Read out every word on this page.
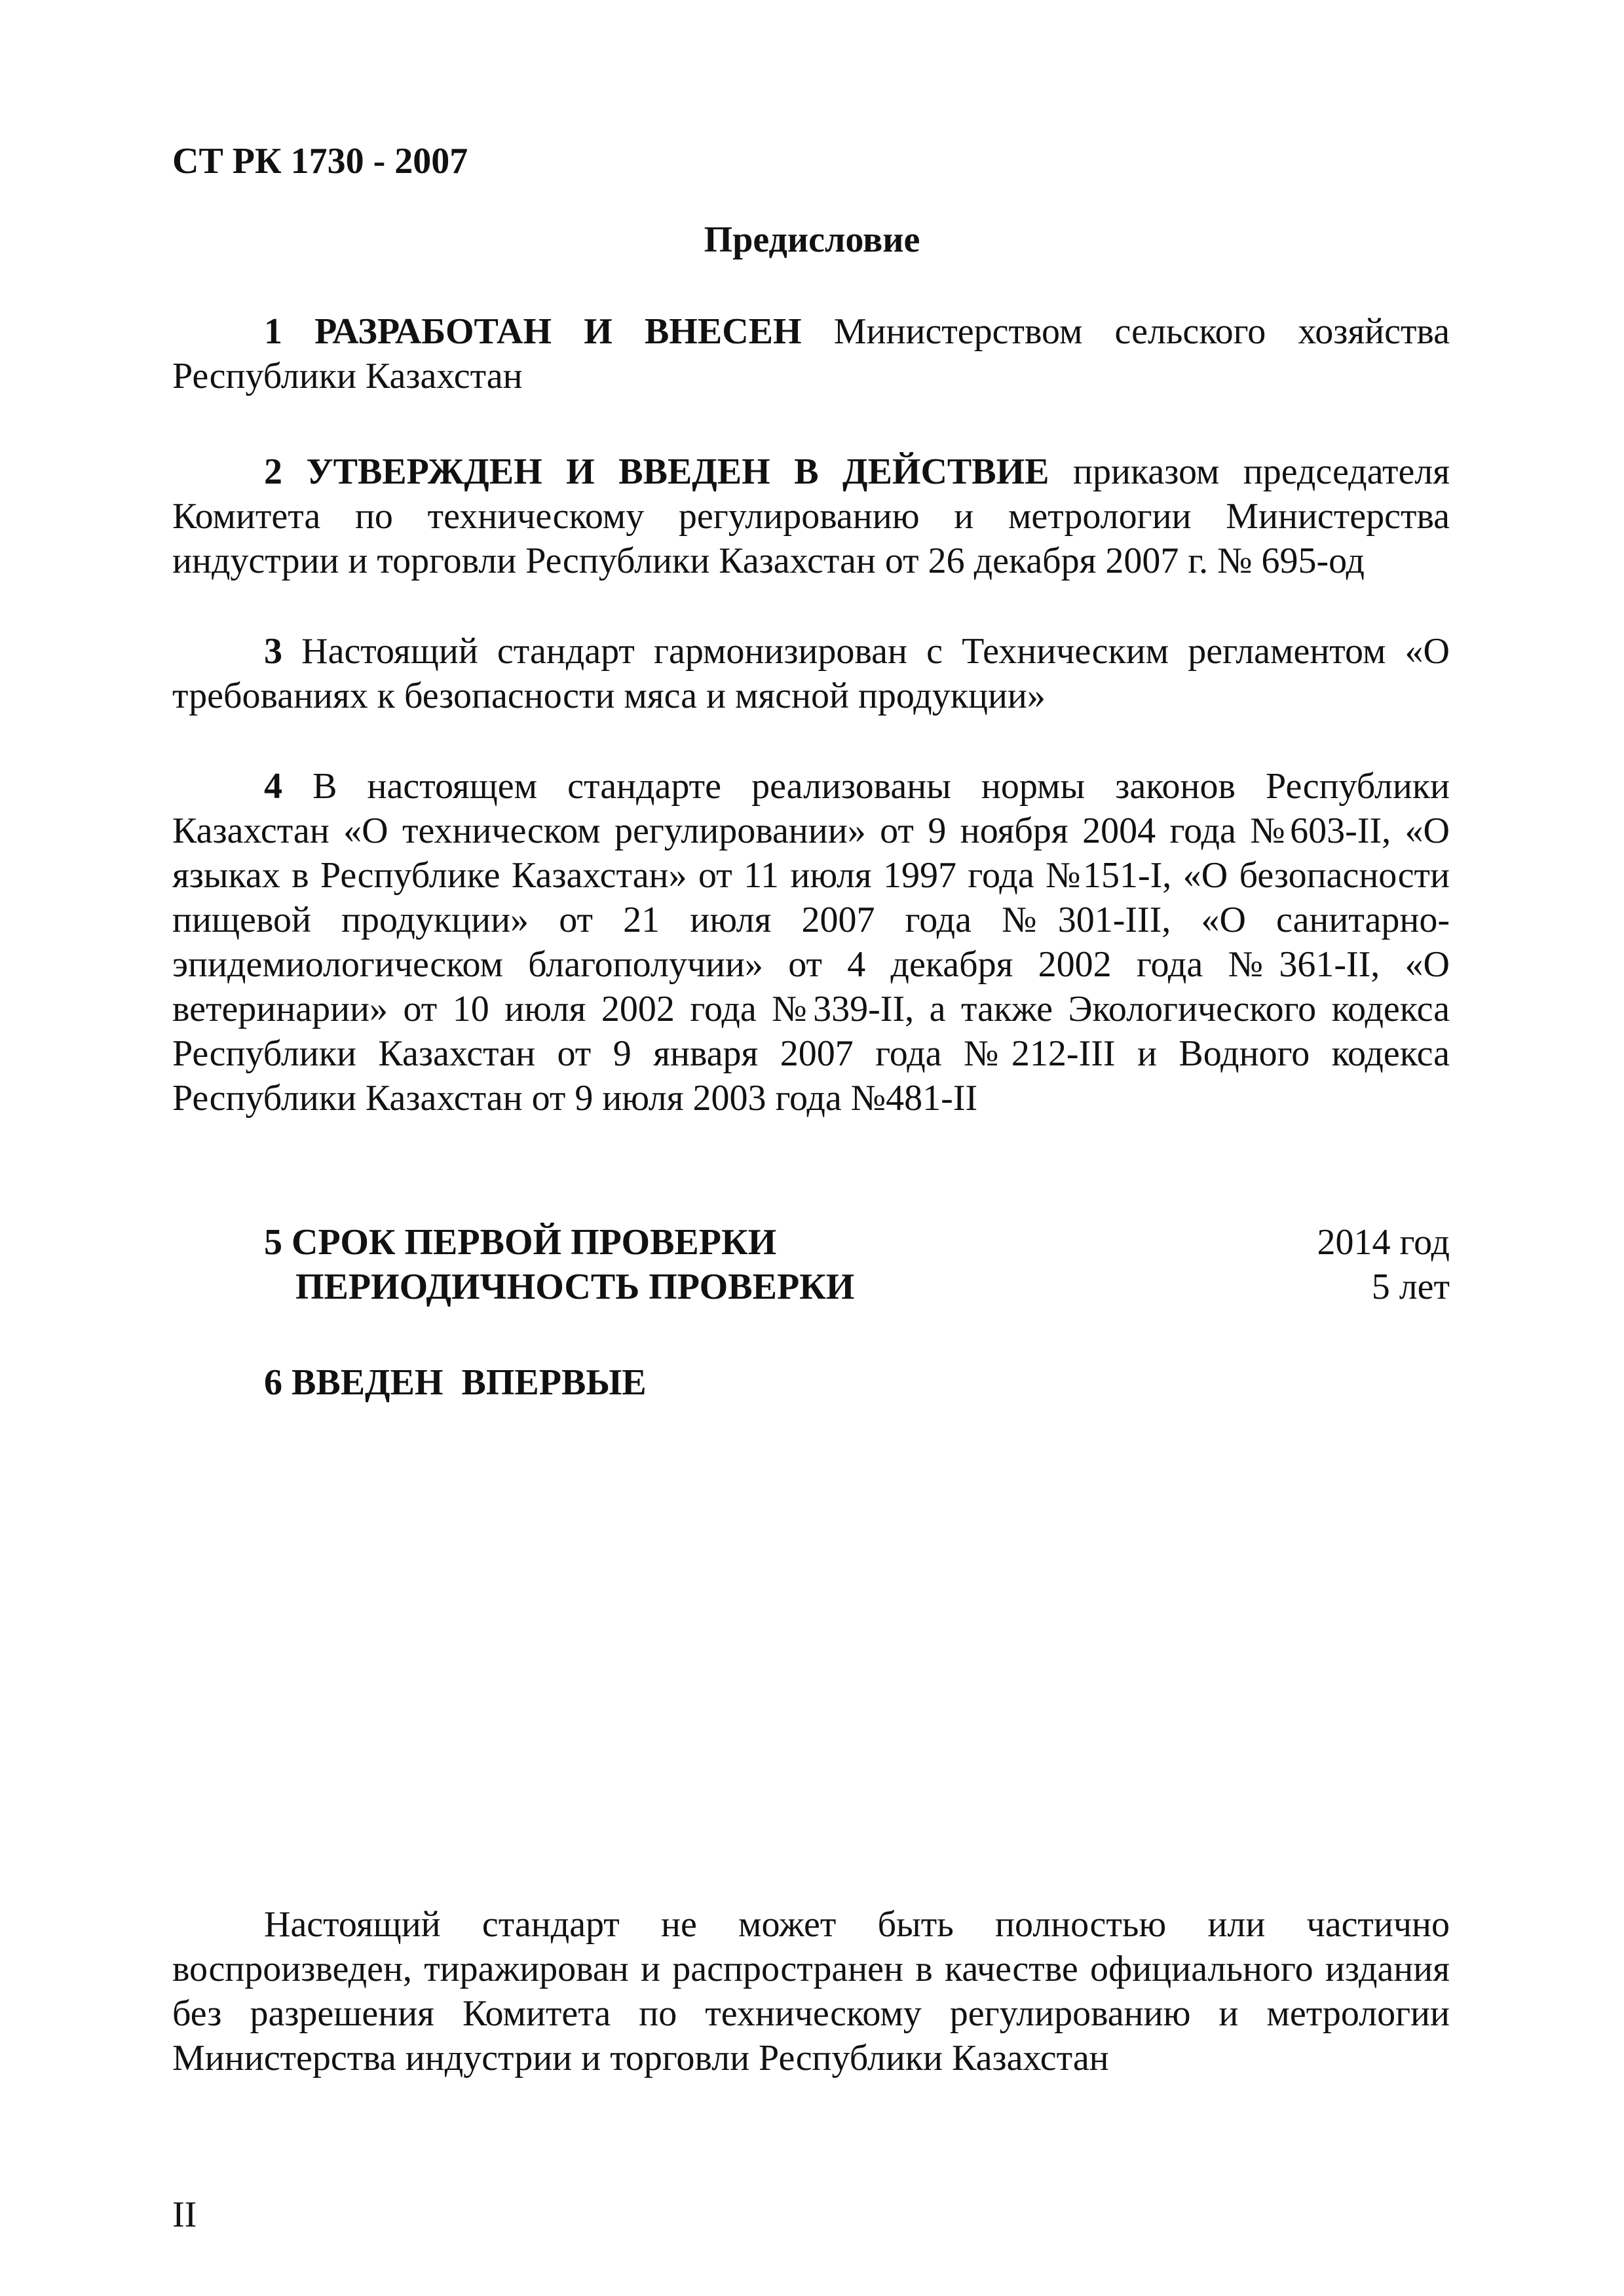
СТ РК 1730 - 2007
Предисловие
1 РАЗРАБОТАН И ВНЕСЕН Министерством сельского хозяйства Республики Казахстан
2 УТВЕРЖДЕН И ВВЕДЕН В ДЕЙСТВИЕ приказом председателя Комитета по техническому регулированию и метрологии Министерства индустрии и торговли Республики Казахстан от 26 декабря 2007 г. № 695-од
3 Настоящий стандарт гармонизирован с Техническим регламентом «О требованиях к безопасности мяса и мясной продукции»
4 В настоящем стандарте реализованы нормы законов Республики Казахстан «О техническом регулировании» от 9 ноября 2004 года №603-II, «О языках в Республике Казахстан» от 11 июля 1997 года №151-I, «О безопасности пищевой продукции» от 21 июля 2007 года №301-III, «О санитарно-эпидемиологическом благополучии» от 4 декабря 2002 года №361-II, «О ветеринарии» от 10 июля 2002 года №339-II, а также Экологического кодекса Республики Казахстан от 9 января 2007 года №212-III и Водного кодекса Республики Казахстан от 9 июля 2003 года №481-II
5 СРОК ПЕРВОЙ ПРОВЕРКИ	2014 год
ПЕРИОДИЧНОСТЬ ПРОВЕРКИ	5 лет
6 ВВЕДЕН  ВПЕРВЫЕ
Настоящий стандарт не может быть полностью или частично воспроизведен, тиражирован и распространен в качестве официального издания без разрешения Комитета по техническому регулированию и метрологии Министерства индустрии и торговли Республики Казахстан
II
